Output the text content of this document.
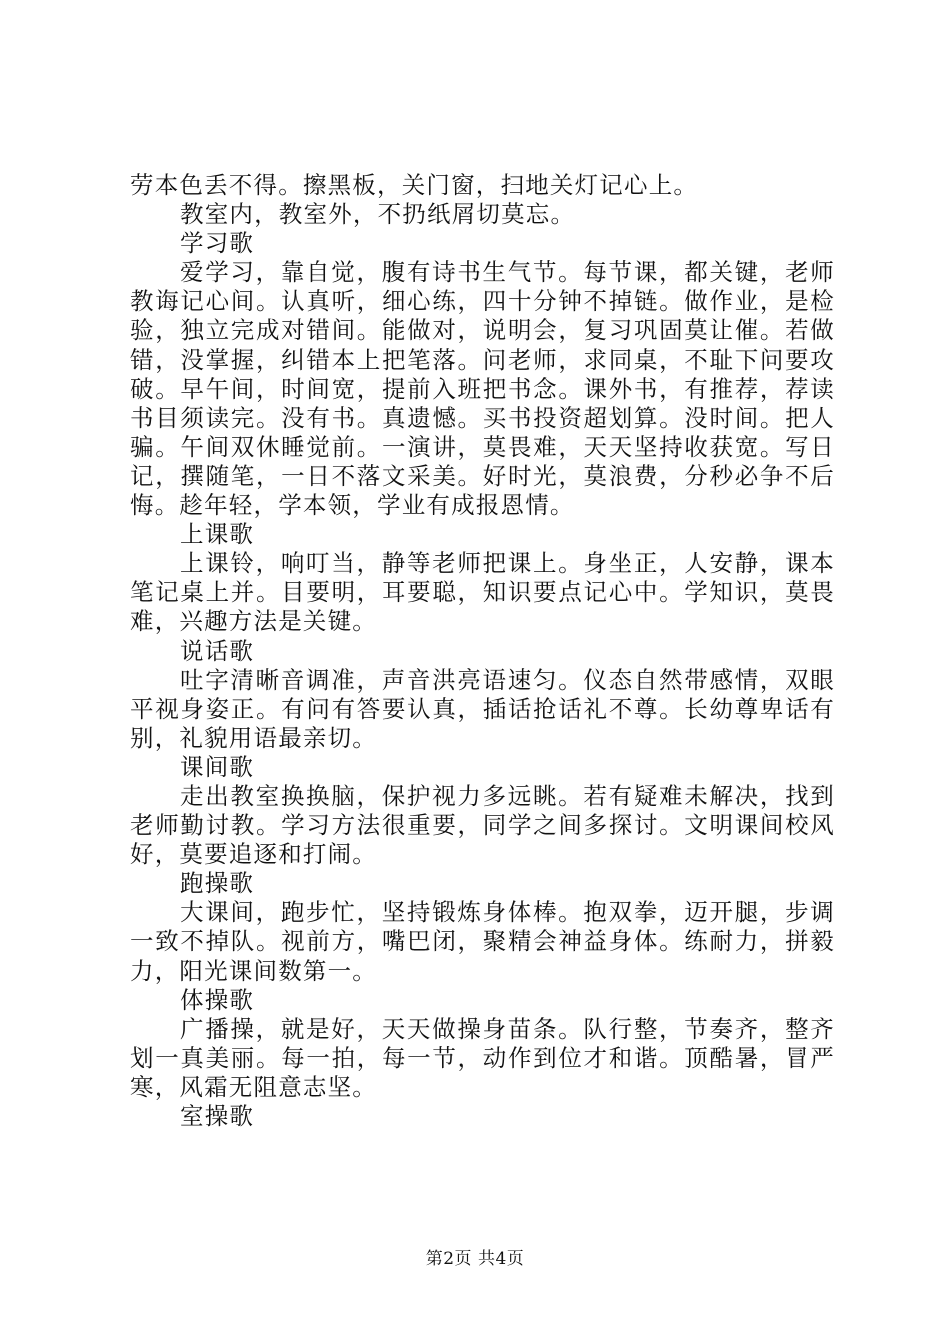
劳本色丢不得。擦黑板，关门窗，扫地关灯记心上。

教室内，教室外，不扔纸屑切莫忘。

学习歌

爱学习，靠自觉，腹有诗书生气节。每节课，都关键，老师教诲记心间。认真听，细心练，四十分钟不掉链。做作业，是检验，独立完成对错间。能做对，说明会，复习巩固莫让催。若做错，没掌握，纠错本上把笔落。问老师，求同桌，不耻下问要攻破。早午间，时间宽，提前入班把书念。课外书，有推荐，荐读书目须读完。没有书。真遗憾。买书投资超划算。没时间。把人骗。午间双休睡觉前。一演讲，莫畏难，天天坚持收获宽。写日记，撰随笔，一日不落文采美。好时光，莫浪费，分秒必争不后悔。趁年轻，学本领，学业有成报恩情。

上课歌

上课铃，响叮当，静等老师把课上。身坐正，人安静，课本笔记桌上并。目要明，耳要聪，知识要点记心中。学知识，莫畏难，兴趣方法是关键。

说话歌

吐字清晰音调准，声音洪亮语速匀。仪态自然带感情，双眼平视身姿正。有问有答要认真，插话抢话礼不尊。长幼尊卑话有别，礼貌用语最亲切。

课间歌

走出教室换换脑，保护视力多远眺。若有疑难未解决，找到老师勤讨教。学习方法很重要，同学之间多探讨。文明课间校风好，莫要追逐和打闹。

跑操歌

大课间，跑步忙，坚持锻炼身体棒。抱双拳，迈开腿，步调一致不掉队。视前方，嘴巴闭，聚精会神益身体。练耐力，拼毅力，阳光课间数第一。

体操歌

广播操，就是好，天天做操身苗条。队行整，节奏齐，整齐划一真美丽。每一拍，每一节，动作到位才和谐。顶酷暑，冒严寒，风霜无阻意志坚。

室操歌

第2页 共4页
